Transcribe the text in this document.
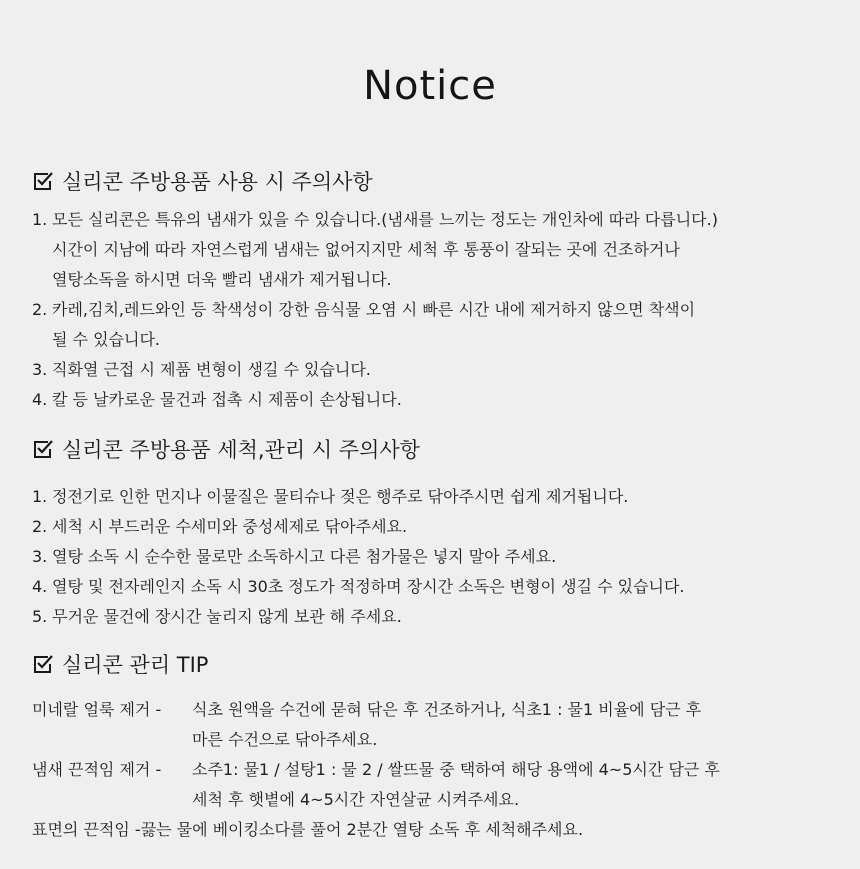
Notice
실리콘 주방용품 사용 시 주의사항
1. 모든 실리콘은 특유의 냄새가 있을 수 있습니다.(냄새를 느끼는 정도는 개인차에 따라 다릅니다.)
시간이 지남에 따라 자연스럽게 냄새는 없어지지만 세척 후 통풍이 잘되는 곳에 건조하거나
열탕소독을 하시면 더욱 빨리 냄새가 제거됩니다.
2. 카레,김치,레드와인 등 착색성이 강한 음식물 오염 시 빠른 시간 내에 제거하지 않으면 착색이
될 수 있습니다.
3. 직화열 근접 시 제품 변형이 생길 수 있습니다.
4. 칼 등 날카로운 물건과 접촉 시 제품이 손상됩니다.
실리콘 주방용품 세척,관리 시 주의사항
1. 정전기로 인한 먼지나 이물질은 물티슈나 젖은 행주로 닦아주시면 쉽게 제거됩니다.
2. 세척 시 부드러운 수세미와 중성세제로 닦아주세요.
3. 열탕 소독 시 순수한 물로만 소독하시고 다른 첨가물은 넣지 말아 주세요.
4. 열탕 및 전자레인지 소독 시 30초 정도가 적정하며 장시간 소독은 변형이 생길 수 있습니다.
5. 무거운 물건에 장시간 눌리지 않게 보관 해 주세요.
실리콘 관리 TIP
미네랄 얼룩 제거 -	식초 원액을 수건에 묻혀 닦은 후 건조하거나, 식초1 : 물1 비율에 담근 후
마른 수건으로 닦아주세요.
냄새 끈적임 제거 -	소주1: 물1 / 설탕1 : 물 2 / 쌀뜨물 중 택하여 해당 용액에 4~5시간 담근 후
세척 후 햇볕에 4~5시간 자연살균 시켜주세요.
표면의 끈적임 - 끓는 물에 베이킹소다를 풀어 2분간 열탕 소독 후 세척해주세요.
